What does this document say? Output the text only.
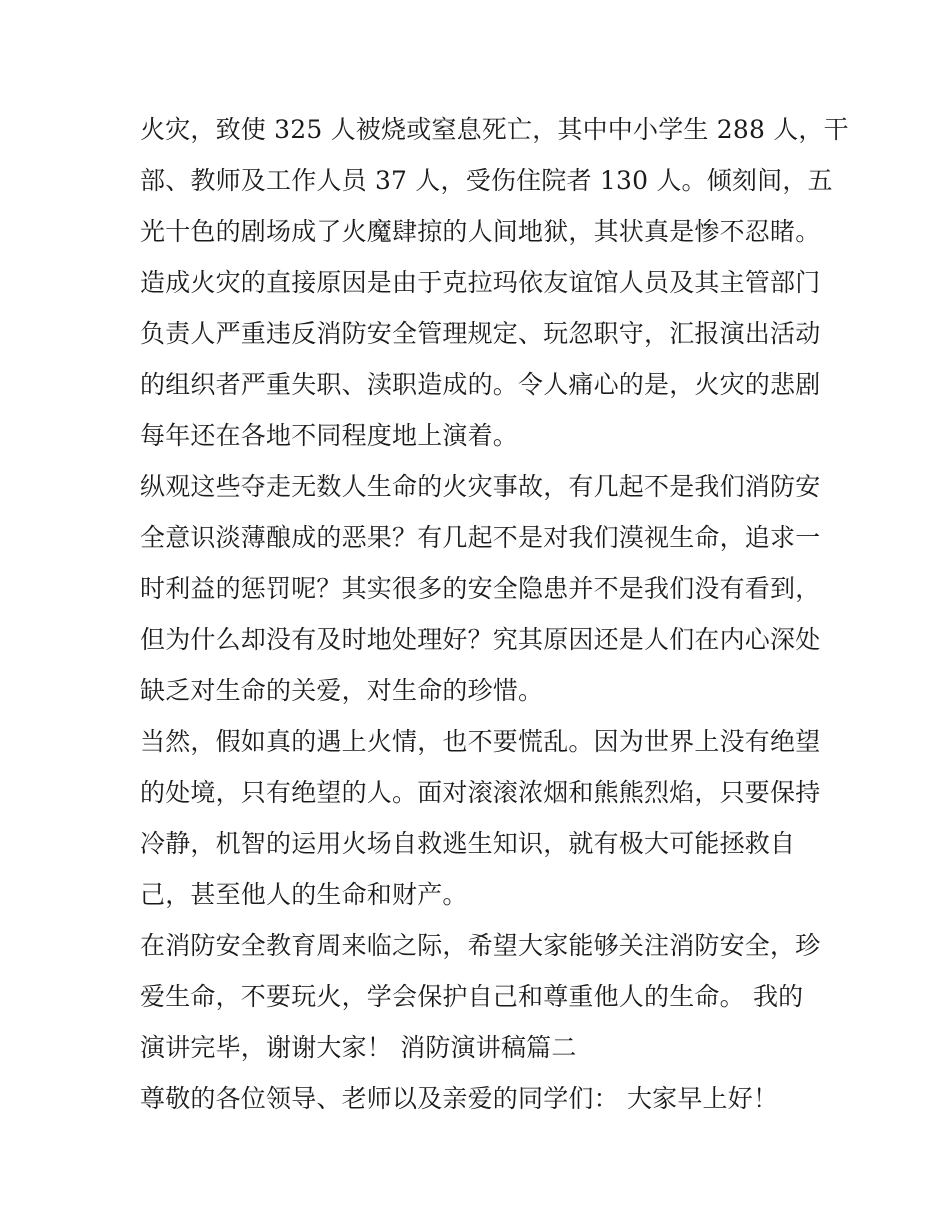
火灾，致使 325 人被烧或窒息死亡，其中中小学生 288 人，干
部、教师及工作人员 37 人，受伤住院者 130 人。倾刻间，五
光十色的剧场成了火魔肆掠的人间地狱，其状真是惨不忍睹。
造成火灾的直接原因是由于克拉玛依友谊馆人员及其主管部门
负责人严重违反消防安全管理规定、玩忽职守，汇报演出活动
的组织者严重失职、渎职造成的。令人痛心的是，火灾的悲剧
每年还在各地不同程度地上演着。
纵观这些夺走无数人生命的火灾事故，有几起不是我们消防安
全意识淡薄酿成的恶果？有几起不是对我们漠视生命，追求一
时利益的惩罚呢？其实很多的安全隐患并不是我们没有看到，
但为什么却没有及时地处理好？究其原因还是人们在内心深处
缺乏对生命的关爱，对生命的珍惜。
当然，假如真的遇上火情，也不要慌乱。因为世界上没有绝望
的处境，只有绝望的人。面对滚滚浓烟和熊熊烈焰，只要保持
冷静，机智的运用火场自救逃生知识，就有极大可能拯救自
己，甚至他人的生命和财产。
在消防安全教育周来临之际，希望大家能够关注消防安全，珍
爱生命，不要玩火，学会保护自己和尊重他人的生命。 我的
演讲完毕，谢谢大家！ 消防演讲稿篇二
尊敬的各位领导、老师以及亲爱的同学们： 大家早上好！
